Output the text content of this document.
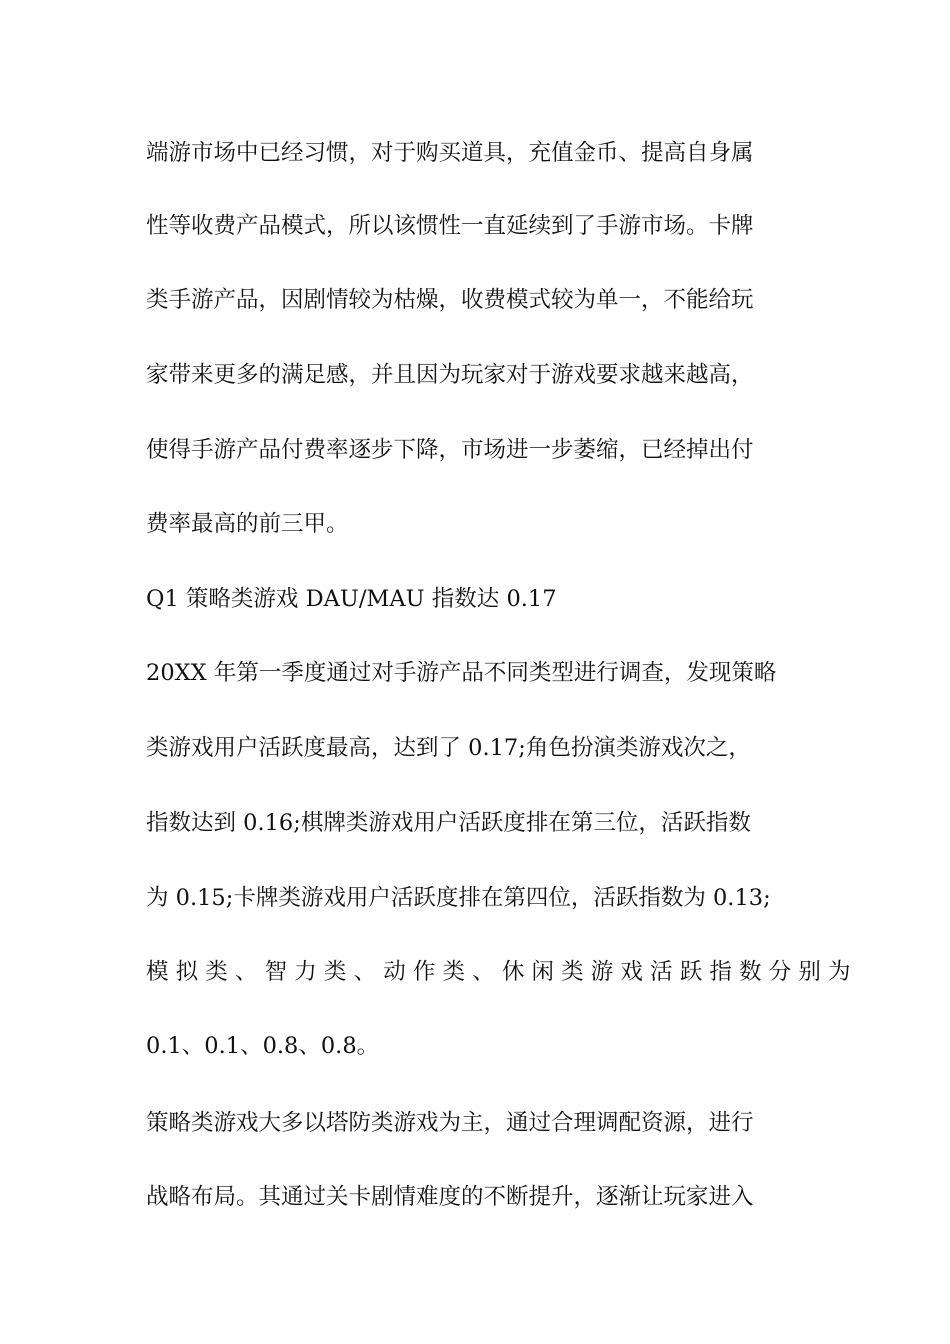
端游市场中已经习惯，对于购买道具，充值金币、提高自身属
性等收费产品模式，所以该惯性一直延续到了手游市场。卡牌
类手游产品，因剧情较为枯燥，收费模式较为单一，不能给玩
家带来更多的满足感，并且因为玩家对于游戏要求越来越高，
使得手游产品付费率逐步下降，市场进一步萎缩，已经掉出付
费率最高的前三甲。
Q1 策略类游戏 DAU/MAU 指数达 0.17
20XX 年第一季度通过对手游产品不同类型进行调查，发现策略
类游戏用户活跃度最高，达到了 0.17;角色扮演类游戏次之，
指数达到 0.16;棋牌类游戏用户活跃度排在第三位，活跃指数
为 0.15;卡牌类游戏用户活跃度排在第四位，活跃指数为 0.13;
模 拟 类 、 智 力 类 、 动 作 类 、 休 闲 类 游 戏 活 跃 指 数 分 别 为
0.1、0.1、0.8、0.8。
策略类游戏大多以塔防类游戏为主，通过合理调配资源，进行
战略布局。其通过关卡剧情难度的不断提升，逐渐让玩家进入
